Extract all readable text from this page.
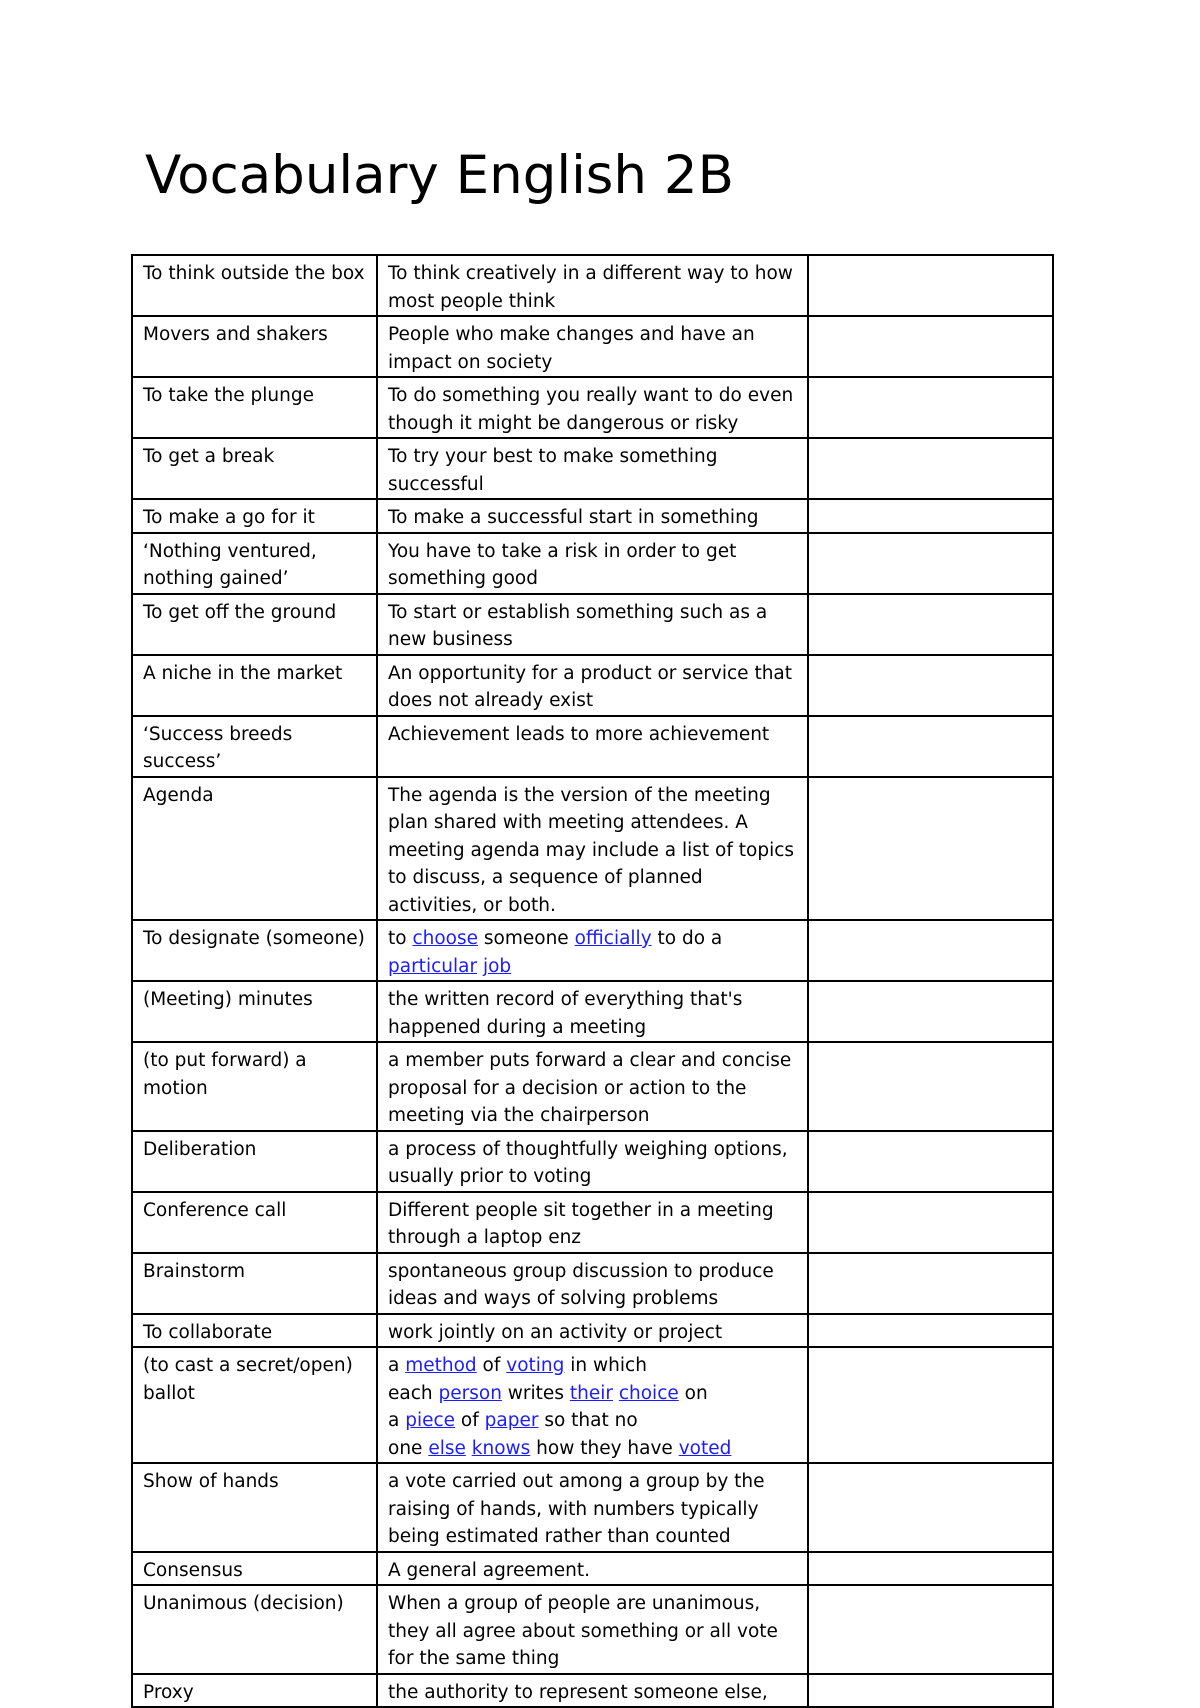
Vocabulary English 2B
To think outside the box	To think creatively in a different way to how most people think	
Movers and shakers	People who make changes and have an impact on society	
To take the plunge	To do something you really want to do even though it might be dangerous or risky	
To get a break	To try your best to make something successful	
To make a go for it	To make a successful start in something	
‘Nothing ventured, nothing gained’	You have to take a risk in order to get something good	
To get off the ground	To start or establish something such as a new business	
A niche in the market	An opportunity for a product or service that does not already exist	
‘Success breeds success’	Achievement leads to more achievement	
Agenda	The agenda is the version of the meeting plan shared with meeting attendees. A meeting agenda may include a list of topics to discuss, a sequence of planned activities, or both.	
To designate (someone)	to choose someone officially to do a particular job	
(Meeting) minutes	the written record of everything that's happened during a meeting	
(to put forward) a motion	a member puts forward a clear and concise proposal for a decision or action to the meeting via the chairperson	
Deliberation	a process of thoughtfully weighing options, usually prior to voting	
Conference call	Different people sit together in a meeting through a laptop enz	
Brainstorm	spontaneous group discussion to produce ideas and ways of solving problems	
To collaborate	work jointly on an activity or project	
(to cast a secret/open) ballot	a method of voting in which
each person writes their choice on
a piece of paper so that no
one else knows how they have voted	

Show of hands	a vote carried out among a group by the raising of hands, with numbers typically being estimated rather than counted	
Consensus	A general agreement.	
Unanimous (decision)	When a group of people are unanimous, they all agree about something or all vote for the same thing	
Proxy	the authority to represent someone else,	
